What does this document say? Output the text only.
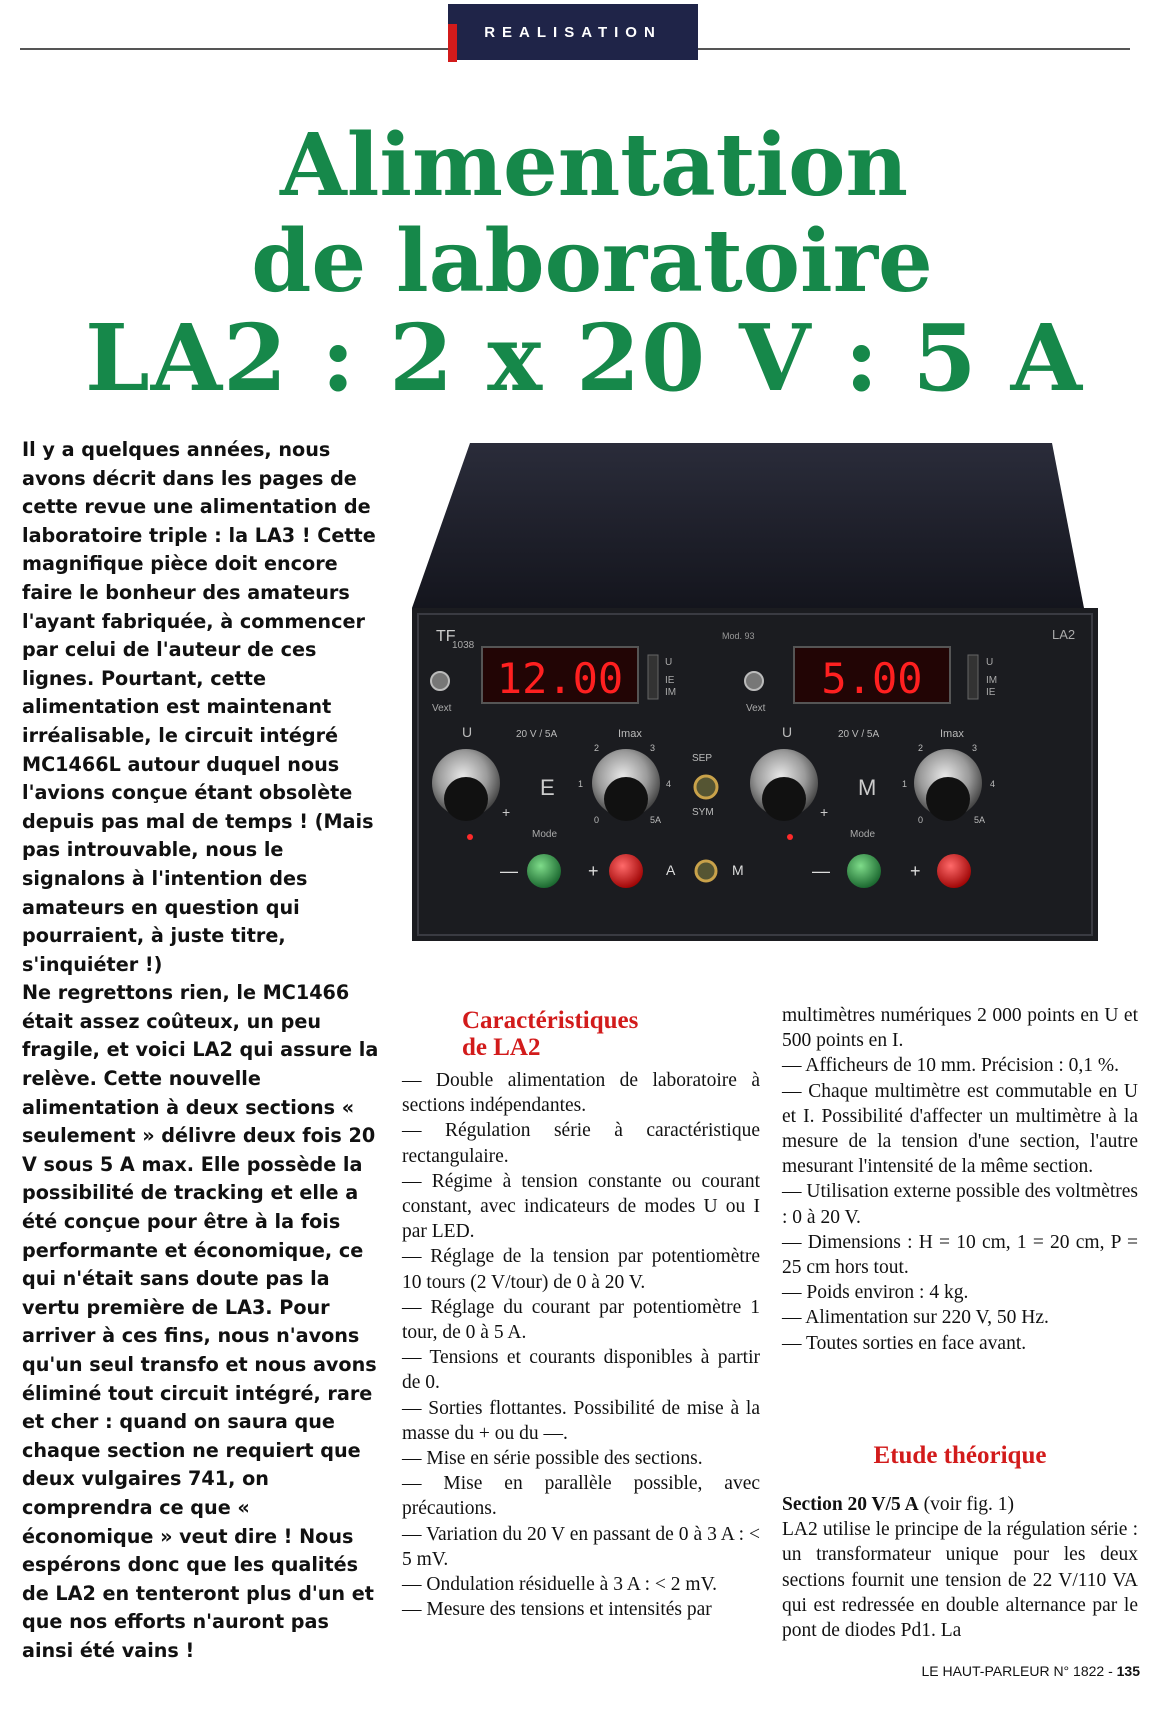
REALISATION
Alimentation
de laboratoire
LA2 : 2 x 20 V : 5 A

Il y a quelques années, nous avons décrit dans les pages de cette revue une alimentation de laboratoire triple : la LA3 ! Cette magnifique pièce doit encore faire le bonheur des amateurs l'ayant fabriquée, à commencer par celui de l'auteur de ces lignes. Pourtant, cette alimentation est maintenant irréalisable, le circuit intégré MC1466L autour duquel nous l'avions conçue étant obsolète depuis pas mal de temps ! (Mais pas introuvable, nous le signalons à l'intention des amateurs en question qui pourraient, à juste titre, s'inquiéter !)

Ne regrettons rien, le MC1466 était assez coûteux, un peu fragile, et voici LA2 qui assure la relève. Cette nouvelle alimentation à deux sections « seulement » délivre deux fois 20 V sous 5 A max. Elle possède la possibilité de tracking et elle a été conçue pour être à la fois performante et économique, ce qui n'était sans doute pas la vertu première de LA3. Pour arriver à ces fins, nous n'avons qu'un seul transfo et nous avons éliminé tout circuit intégré, rare et cher : quand on saura que chaque section ne requiert que deux vulgaires 741, on comprendra ce que « économique » veut dire ! Nous espérons donc que les qualités de LA2 en tenteront plus d'un et que nos efforts n'auront pas ainsi été vains !

TF
1038
Mod. 93	LA2
Vext
12.00	U
IE
IM
Vext
5.00	U
IM
IE
U	20 V / 5A	Imax	U	20 V / 5A	Imax
2	3
1	4
0	5A
2	3
1	4
0	5A
E	M
SEP
SYM
+	+
Mode	Mode
—	+	A	M	—	+
Caractéristiques
de LA2

— Double alimentation de laboratoire à sections indépendantes.

— Régulation série à caractéristique rectangulaire.

— Régime à tension constante ou courant constant, avec indicateurs de modes U ou I par LED.

— Réglage de la tension par potentiomètre 10 tours (2 V/tour) de 0 à 20 V.

— Réglage du courant par potentiomètre 1 tour, de 0 à 5 A.

— Tensions et courants disponibles à partir de 0.

— Sorties flottantes. Possibilité de mise à la masse du + ou du —.

— Mise en série possible des sections.

— Mise en parallèle possible, avec précautions.

— Variation du 20 V en passant de 0 à 3 A : < 5 mV.

— Ondulation résiduelle à 3 A : < 2 mV.

— Mesure des tensions et intensités par

multimètres numériques 2 000 points en U et 500 points en I.

— Afficheurs de 10 mm. Précision : 0,1 %.

— Chaque multimètre est commutable en U et I. Possibilité d'affecter un multimètre à la mesure de la tension d'une section, l'autre mesurant l'intensité de la même section.

— Utilisation externe possible des voltmètres : 0 à 20 V.

— Dimensions : H = 10 cm, 1 = 20 cm, P = 25 cm hors tout.

— Poids environ : 4 kg.

— Alimentation sur 220 V, 50 Hz.

— Toutes sorties en face avant.

Etude théorique

Section 20 V/5 A (voir fig. 1)

LA2 utilise le principe de la régulation série : un transformateur unique pour les deux sections fournit une tension de 22 V/110 VA qui est redressée en double alternance par le pont de diodes Pd1. La

LE HAUT-PARLEUR N° 1822 - 135
